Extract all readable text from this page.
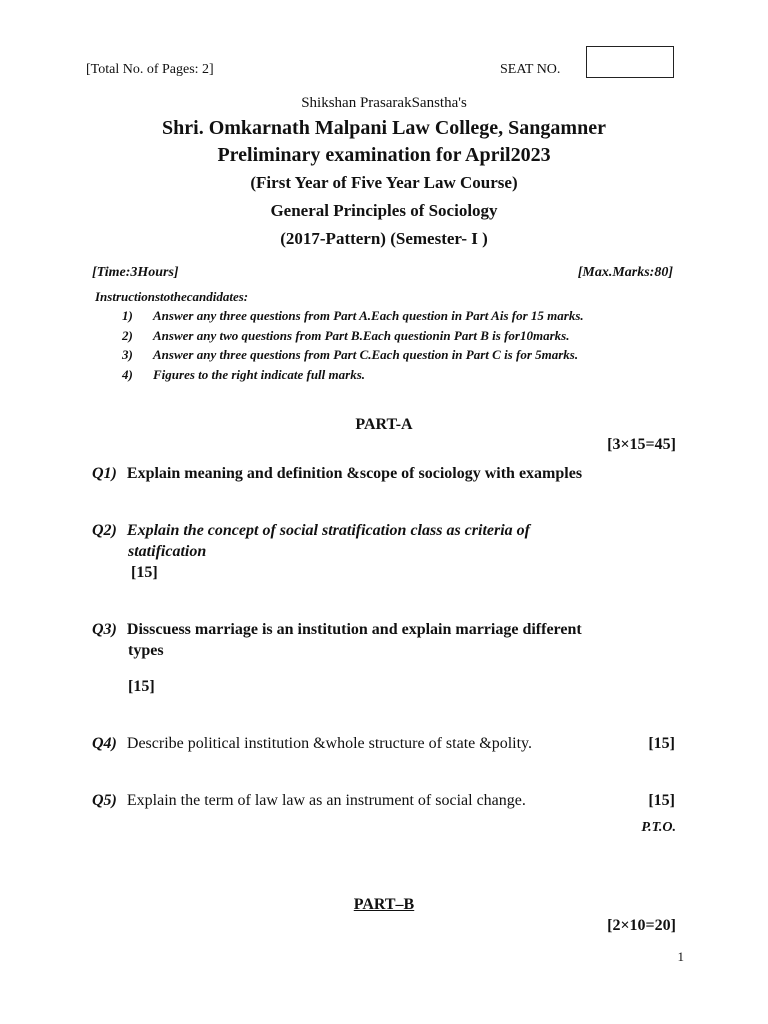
[Total No. of Pages: 2]	SEAT NO.
Shikshan PrasarakSanstha's
Shri. Omkarnath Malpani Law College, Sangamner
Preliminary examination for April2023
(First Year of Five Year Law Course)
General Principles of Sociology
(2017-Pattern) (Semester- I )
[Time:3Hours]	[Max.Marks:80]
Instructionstothecandidates:
1) Answer any three questions from Part A.Each question in Part Ais for 15 marks.
2) Answer any two questions from Part B.Each questionin Part B is for10marks.
3) Answer any three questions from Part C.Each question in Part C is for 5marks.
4) Figures to the right indicate full marks.
PART-A
[3×15=45]
Q1) Explain meaning and definition &scope of sociology with examples
Q2) Explain the concept of social stratification class as criteria of
statification
[15]
Q3) Disscuess marriage is an institution and explain marriage different
types
[15]
Q4) Describe political institution &whole structure of state &polity.	[15]
Q5) Explain the term of law law as an instrument of social change.	[15]
P.T.O.
PART–B
[2×10=20]
1
